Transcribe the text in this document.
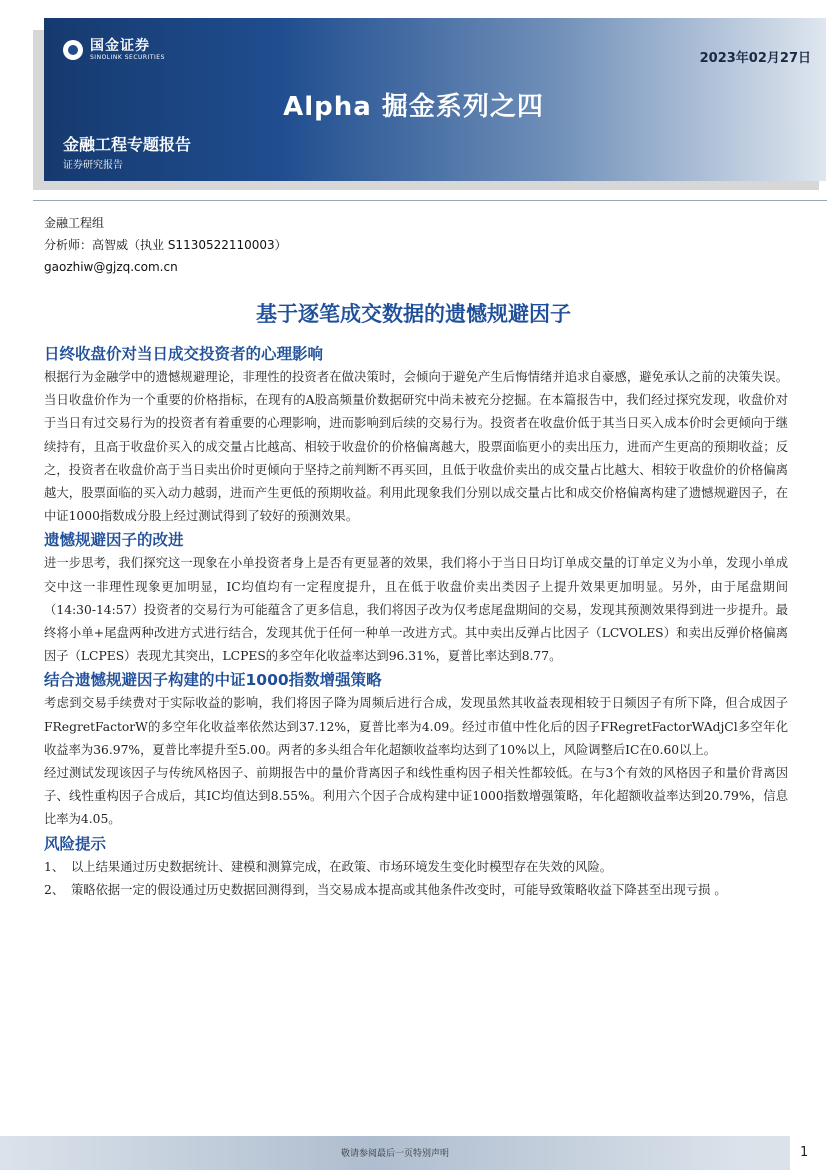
国金证券
SINOLINK SECURITIES	2023年02月27日
Alpha 掘金系列之四
金融工程专题报告
证券研究报告
金融工程组
分析师：高智威（执业 S1130522110003）
gaozhiw@gjzq.com.cn
基于逐笔成交数据的遗憾规避因子
日终收盘价对当日成交投资者的心理影响

根据行为金融学中的遗憾规避理论，非理性的投资者在做决策时，会倾向于避免产生后悔情绪并追求自豪感，避免承认之前的决策失误。当日收盘价作为一个重要的价格指标，在现有的A股高频量价数据研究中尚未被充分挖掘。在本篇报告中，我们经过探究发现，收盘价对于当日有过交易行为的投资者有着重要的心理影响，进而影响到后续的交易行为。投资者在收盘价低于其当日买入成本价时会更倾向于继续持有，且高于收盘价买入的成交量占比越高、相较于收盘价的价格偏离越大，股票面临更小的卖出压力，进而产生更高的预期收益；反之，投资者在收盘价高于当日卖出价时更倾向于坚持之前判断不再买回，且低于收盘价卖出的成交量占比越大、相较于收盘价的价格偏离越大，股票面临的买入动力越弱，进而产生更低的预期收益。利用此现象我们分别以成交量占比和成交价格偏离构建了遗憾规避因子，在中证1000指数成分股上经过测试得到了较好的预测效果。

遗憾规避因子的改进

进一步思考，我们探究这一现象在小单投资者身上是否有更显著的效果，我们将小于当日日均订单成交量的订单定义为小单，发现小单成交中这一非理性现象更加明显，IC均值均有一定程度提升，且在低于收盘价卖出类因子上提升效果更加明显。另外，由于尾盘期间（14:30-14:57）投资者的交易行为可能蕴含了更多信息，我们将因子改为仅考虑尾盘期间的交易，发现其预测效果得到进一步提升。最终将小单+尾盘两种改进方式进行结合，发现其优于任何一种单一改进方式。其中卖出反弹占比因子（LCVOLES）和卖出反弹价格偏离因子（LCPES）表现尤其突出，LCPES的多空年化收益率达到96.31%，夏普比率达到8.77。

结合遗憾规避因子构建的中证1000指数增强策略

考虑到交易手续费对于实际收益的影响，我们将因子降为周频后进行合成，发现虽然其收益表现相较于日频因子有所下降，但合成因子FRegretFactorW的多空年化收益率依然达到37.12%，夏普比率为4.09。经过市值中性化后的因子FRegretFactorWAdjCl多空年化收益率为36.97%，夏普比率提升至5.00。两者的多头组合年化超额收益率均达到了10%以上，风险调整后IC在0.60以上。

经过测试发现该因子与传统风格因子、前期报告中的量价背离因子和线性重构因子相关性都较低。在与3个有效的风格因子和量价背离因子、线性重构因子合成后，其IC均值达到8.55%。利用六个因子合成构建中证1000指数增强策略，年化超额收益率达到20.79%，信息比率为4.05。

风险提示
1、 以上结果通过历史数据统计、建模和测算完成，在政策、市场环境发生变化时模型存在失效的风险。
2、 策略依据一定的假设通过历史数据回测得到，当交易成本提高或其他条件改变时，可能导致策略收益下降甚至出现亏损 。
敬请参阅最后一页特别声明	1
